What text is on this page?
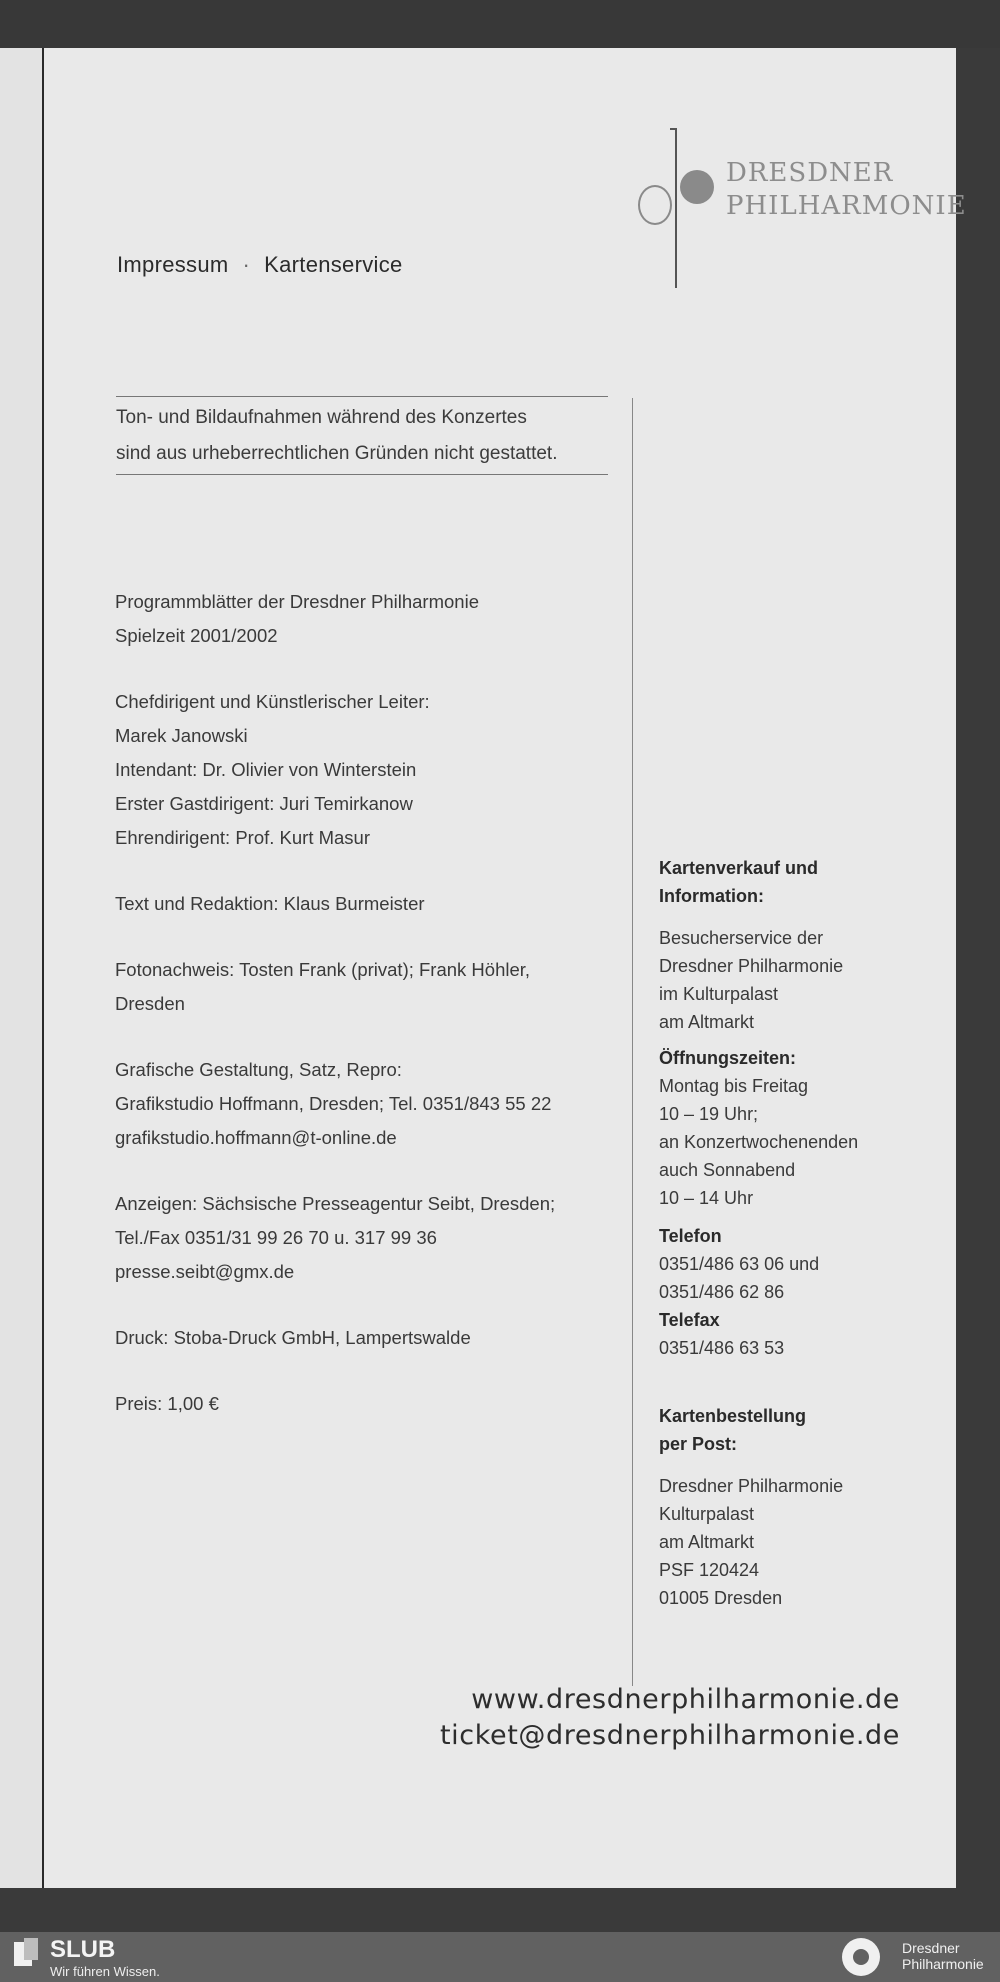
DRESDNER
PHILHARMONIE
Impressum · Kartenservice
Ton- und Bildaufnahmen während des Konzertes
sind aus urheberrechtlichen Gründen nicht gestattet.

Programmblätter der Dresdner Philharmonie
Spielzeit 2001/2002

Chefdirigent und Künstlerischer Leiter:
Marek Janowski
Intendant: Dr. Olivier von Winterstein
Erster Gastdirigent: Juri Temirkanow
Ehrendirigent: Prof. Kurt Masur

Text und Redaktion: Klaus Burmeister

Fotonachweis: Tosten Frank (privat); Frank Höhler,
Dresden

Grafische Gestaltung, Satz, Repro:
Grafikstudio Hoffmann, Dresden; Tel. 0351/843 55 22
grafikstudio.hoffmann@t-online.de

Anzeigen: Sächsische Presseagentur Seibt, Dresden;
Tel./Fax 0351/31 99 26 70 u. 317 99 36
presse.seibt@gmx.de

Druck: Stoba-Druck GmbH, Lampertswalde

Preis: 1,00 €

Kartenverkauf und
Information:
Besucherservice der
Dresdner Philharmonie
im Kulturpalast
am Altmarkt
Öffnungszeiten:
Montag bis Freitag
10 – 19 Uhr;
an Konzertwochenenden
auch Sonnabend
10 – 14 Uhr
Telefon
0351/486 63 06 und
0351/486 62 86
Telefax
0351/486 63 53
Kartenbestellung
per Post:
Dresdner Philharmonie
Kulturpalast
am Altmarkt
PSF 120424
01005 Dresden
www.dresdnerphilharmonie.de
ticket@dresdnerphilharmonie.de
SLUB
Wir führen Wissen.
Dresdner
Philharmonie
